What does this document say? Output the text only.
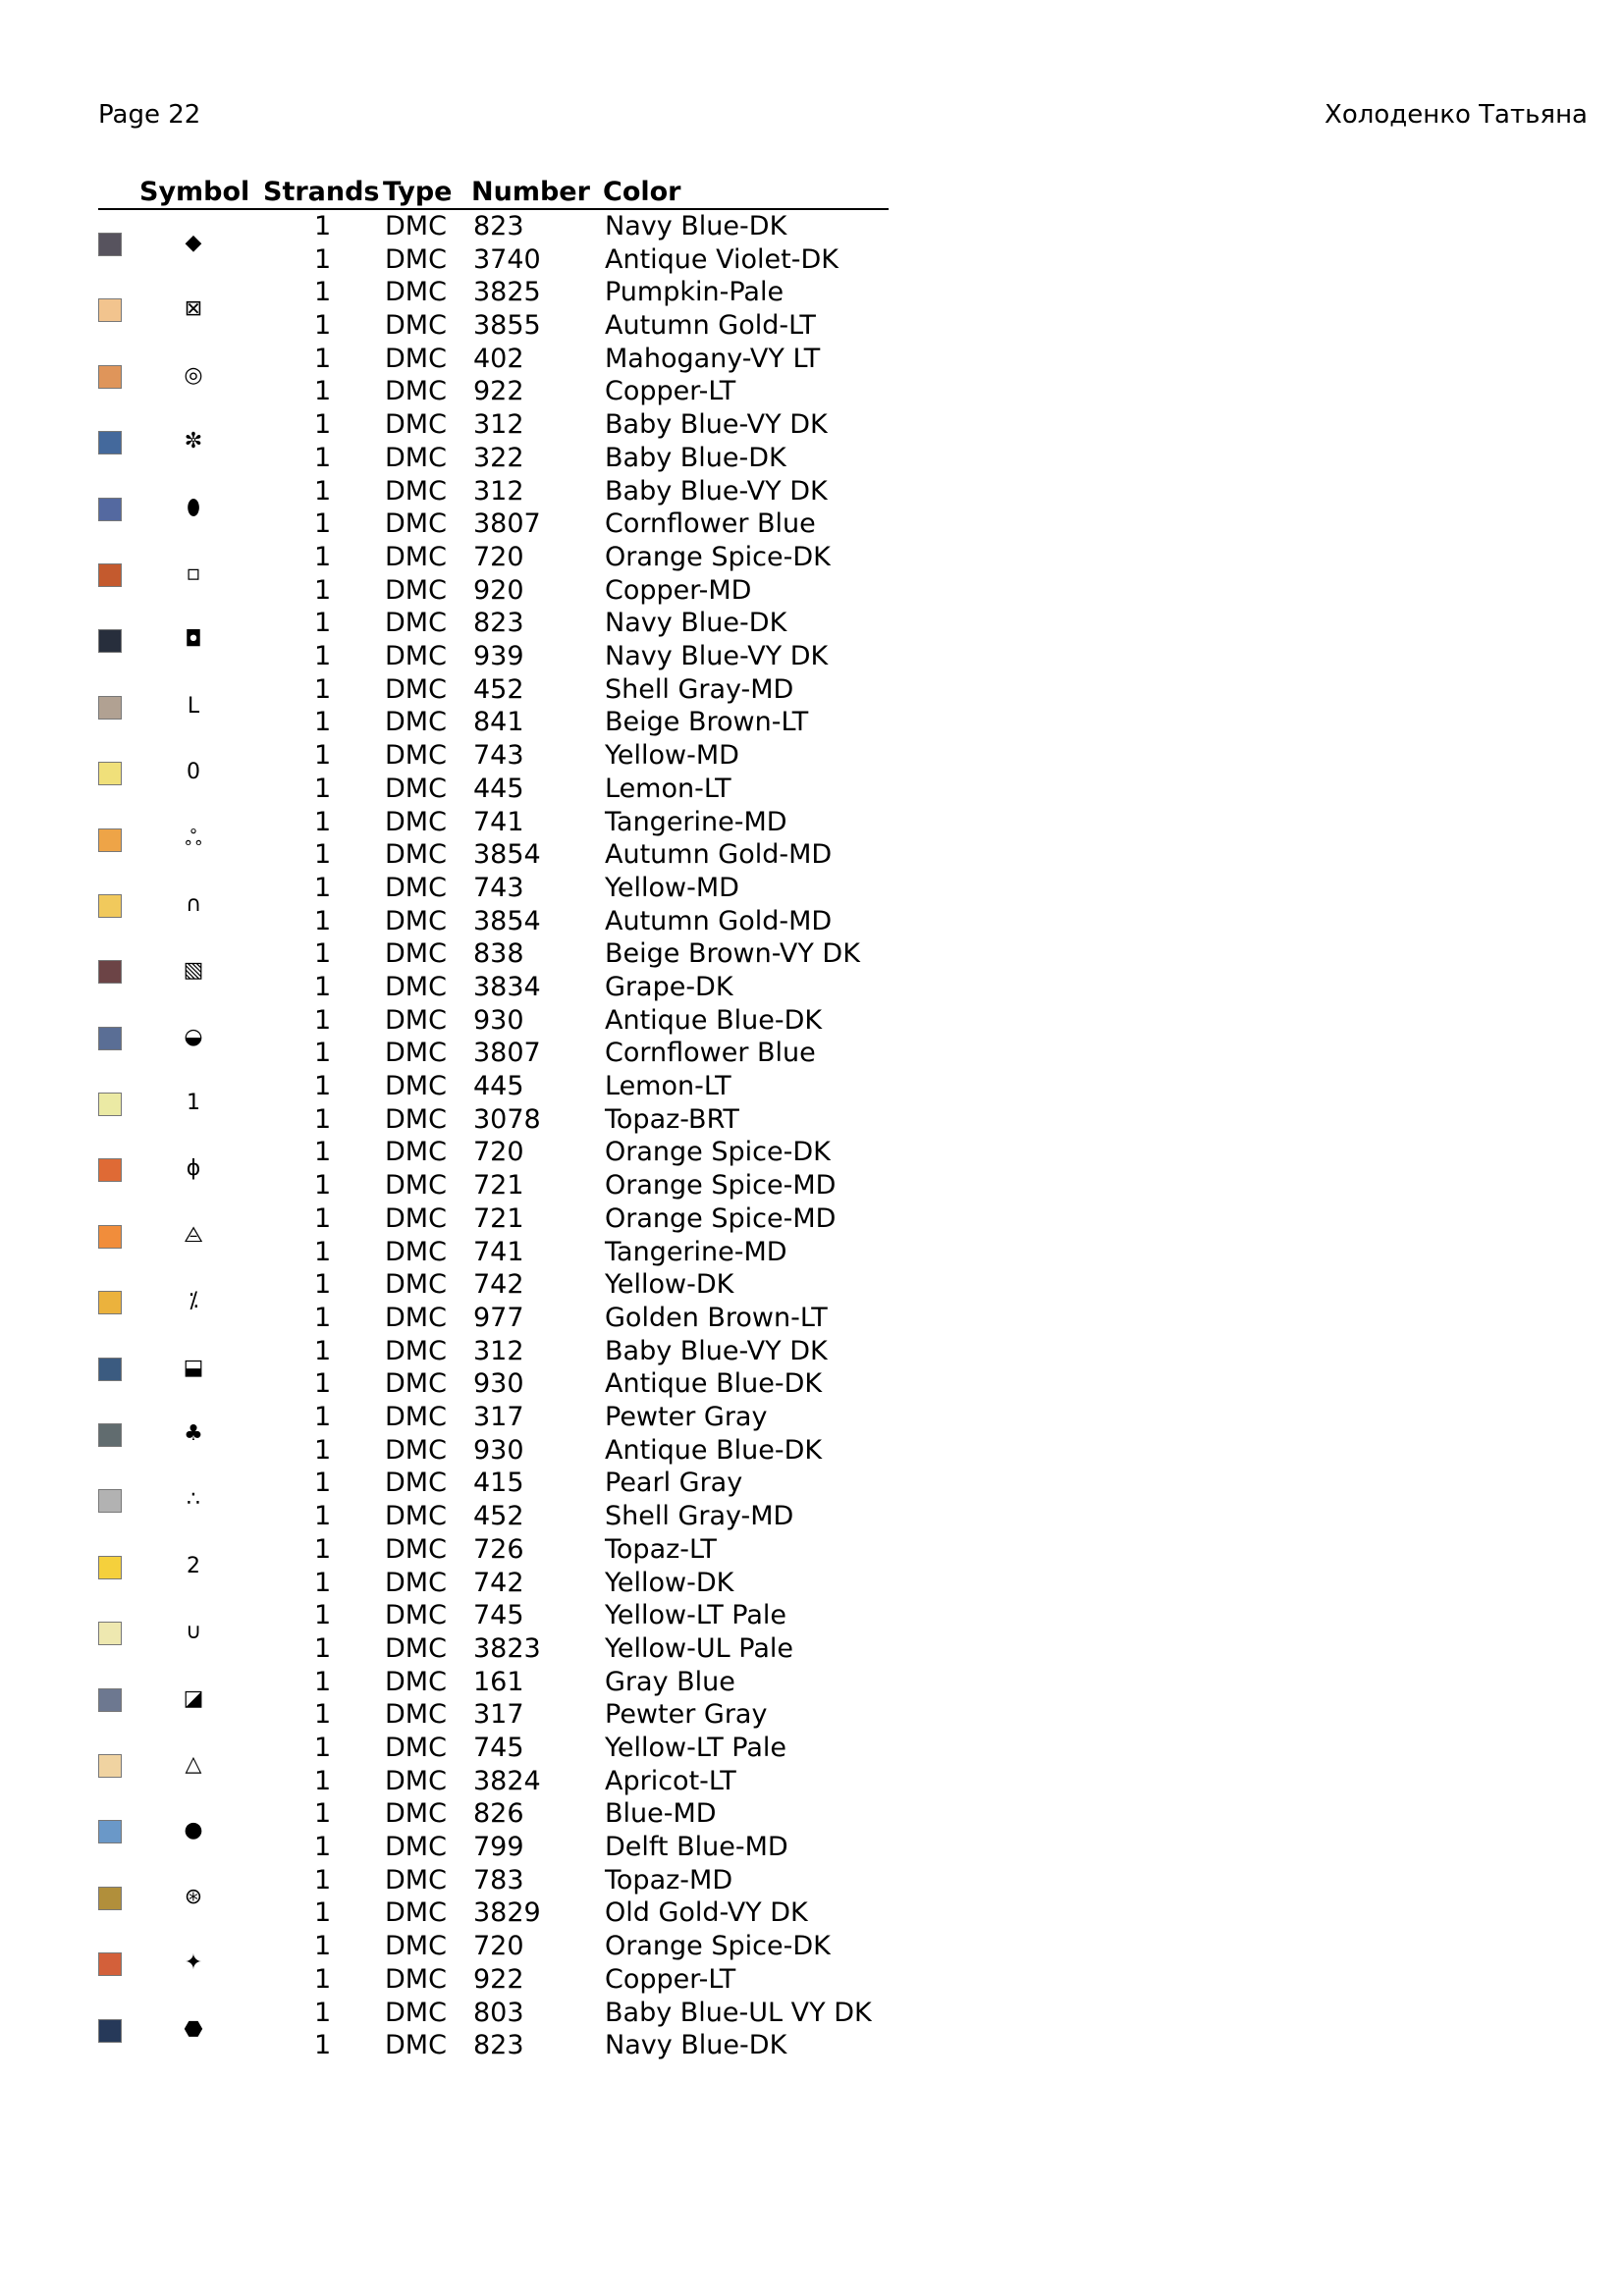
Page 22	Холоденко Татьяна
Symbol Strands Type Number Color
◆
1 DMC 823	Navy Blue-DK
1 DMC 3740 Antique Violet-DK
⊠
1 DMC 3825 Pumpkin-Pale
1 DMC 3855 Autumn Gold-LT
◎
1 DMC 402	Mahogany-VY LT
1 DMC 922	Copper-LT
✼
1 DMC 312	Baby Blue-VY DK
1 DMC 322	Baby Blue-DK
⬮
1 DMC 312	Baby Blue-VY DK
1 DMC 3807 Cornflower Blue
▫
1 DMC 720	Orange Spice-DK
1 DMC 920	Copper-MD
◘
1 DMC 823	Navy Blue-DK
1 DMC 939	Navy Blue-VY DK
L
1 DMC 452	Shell Gray-MD
1 DMC 841	Beige Brown-LT
0
1 DMC 743	Yellow-MD
1 DMC 445	Lemon-LT
ஃ
1 DMC 741	Tangerine-MD
1 DMC 3854 Autumn Gold-MD
∩
1 DMC 743	Yellow-MD
1 DMC 3854 Autumn Gold-MD
▧
1 DMC 838	Beige Brown-VY DK
1 DMC 3834 Grape-DK
◒
1 DMC 930	Antique Blue-DK
1 DMC 3807 Cornflower Blue
1
1 DMC 445	Lemon-LT
1 DMC 3078 Topaz-BRT
ɸ
1 DMC 720	Orange Spice-DK
1 DMC 721	Orange Spice-MD
⨺
1 DMC 721	Orange Spice-MD
1 DMC 741	Tangerine-MD
⁒
1 DMC 742	Yellow-DK
1 DMC 977	Golden Brown-LT
⬓
1 DMC 312	Baby Blue-VY DK
1 DMC 930	Antique Blue-DK
♣
1 DMC 317	Pewter Gray
1 DMC 930	Antique Blue-DK
∴
1 DMC 415	Pearl Gray
1 DMC 452	Shell Gray-MD
2
1 DMC 726	Topaz-LT
1 DMC 742	Yellow-DK
∪
1 DMC 745	Yellow-LT Pale
1 DMC 3823 Yellow-UL Pale
◪
1 DMC 161	Gray Blue
1 DMC 317	Pewter Gray
△
1 DMC 745	Yellow-LT Pale
1 DMC 3824 Apricot-LT
●
1 DMC 826	Blue-MD
1 DMC 799	Delft Blue-MD
⊛
1 DMC 783	Topaz-MD
1 DMC 3829 Old Gold-VY DK
✦
1 DMC 720	Orange Spice-DK
1 DMC 922	Copper-LT
⬣
1 DMC 803	Baby Blue-UL VY DK
1 DMC 823	Navy Blue-DK
